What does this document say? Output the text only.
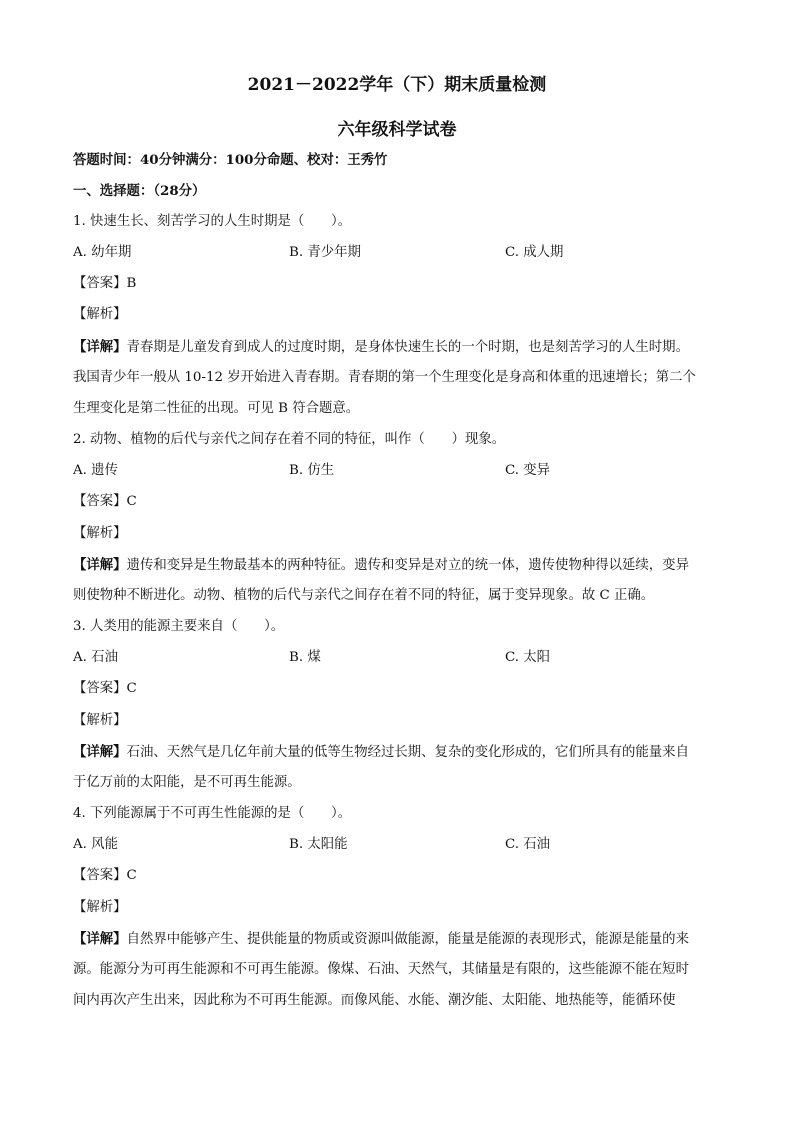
2021－2022学年（下）期末质量检测
六年级科学试卷
答题时间：40分钟满分：100分命题、校对：王秀竹
一、选择题：（28分）
1. 快速生长、刻苦学习的人生时期是（　　）。
A. 幼年期	B. 青少年期	C. 成人期
【答案】B
【解析】
【详解】青春期是儿童发育到成人的过度时期，是身体快速生长的一个时期，也是刻苦学习的人生时期。
我国青少年一般从 10-12 岁开始进入青春期。青春期的第一个生理变化是身高和体重的迅速增长；第二个
生理变化是第二性征的出现。可见 B 符合题意。
2. 动物、植物的后代与亲代之间存在着不同的特征，叫作（　　）现象。
A. 遗传	B. 仿生	C. 变异
【答案】C
【解析】
【详解】遗传和变异是生物最基本的两种特征。遗传和变异是对立的统一体，遗传使物种得以延续，变异
则使物种不断进化。动物、植物的后代与亲代之间存在着不同的特征，属于变异现象。故 C 正确。
3. 人类用的能源主要来自（　　）。
A. 石油	B. 煤	C. 太阳
【答案】C
【解析】
【详解】石油、天然气是几亿年前大量的低等生物经过长期、复杂的变化形成的，它们所具有的能量来自
于亿万前的太阳能，是不可再生能源。
4. 下列能源属于不可再生性能源的是（　　）。
A. 风能	B. 太阳能	C. 石油
【答案】C
【解析】
【详解】自然界中能够产生、提供能量的物质或资源叫做能源，能量是能源的表现形式，能源是能量的来
源。能源分为可再生能源和不可再生能源。像煤、石油、天然气，其储量是有限的，这些能源不能在短时
间内再次产生出来，因此称为不可再生能源。而像风能、水能、潮汐能、太阳能、地热能等，能循环使
